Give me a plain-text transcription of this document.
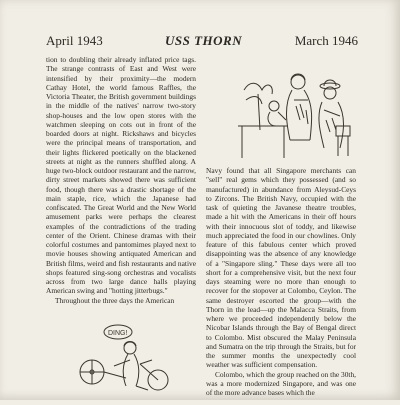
April 1943	USS THORN	March 1946

tion to doubling their already inflated price tags. The strange contrasts of East and West were intensified by their proximity—the modern Cathay Hotel, the world famous Raffles, the Victoria Theater, the British government buildings in the middle of the natives' narrow two-story shop-houses and the low open stores with the watchmen sleeping on cots out in front of the boarded doors at night. Rickshaws and bicycles were the principal means of transportation, and their lights flickered poetically on the blackened streets at night as the runners shuffled along. A huge two-block outdoor restaurant and the narrow, dirty street markets showed there was sufficient food, though there was a drastic shortage of the main staple, rice, which the Japanese had confiscated. The Great World and the New World amusement parks were perhaps the clearest examples of the contradictions of the trading center of the Orient. Chinese dramas with their colorful costumes and pantomimes played next to movie houses showing antiquated American and British films, weird and fish restaurants and native shops featured sing-song orchestras and vocalists across from two large dance halls playing American swing and "hotting jitterbugs."

Throughout the three days the American

Navy found that all Singapore merchants can "sell" real gems which they possessed (and so manufactured) in abundance from Aleysud-Ceys to Zircons. The British Navy, occupied with the task of quieting the Javanese theatre troubles, made a hit with the Americans in their off hours with their innocuous slot of toddy, and likewise much appreciated the food in our chowlines. Only feature of this fabulous center which proved disappointing was the absence of any knowledge of a "Singapore sling." These days were all too short for a comprehensive visit, but the next four days steaming were no more than enough to recover for the stopover at Colombo, Ceylon. The same destroyer escorted the group—with the Thorn in the lead—up the Malacca Straits, from where we proceeded independently below the Nicobar Islands through the Bay of Bengal direct to Colombo. Mist obscured the Malay Peninsula and Sumatra on the trip through the Straits, but for the summer months the unexpectedly cool weather was sufficient compensation.

Colombo, which the group reached on the 30th, was a more modernized Singapore, and was one of the more advance bases which the

DING!
